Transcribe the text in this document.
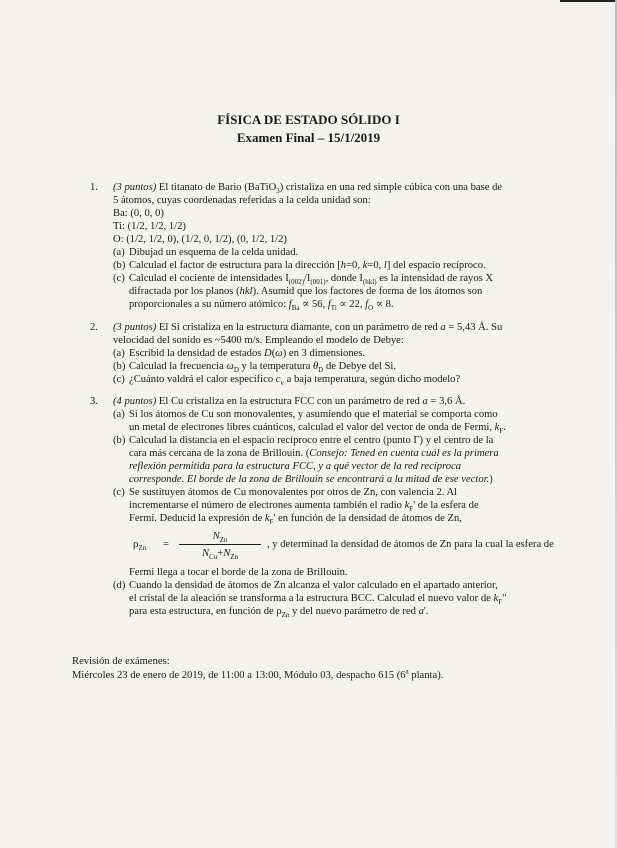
FÍSICA DE ESTADO SÓLIDO I
Examen Final – 15/1/2019
1.	(3 puntos) El titanato de Bario (BaTiO$_3$) cristaliza en una red simple cúbica con una base de
5 átomos, cuyas coordenadas referidas a la celda unidad son:
Ba: (0, 0, 0)
Ti: (1/2, 1/2, 1/2)
O: (1/2, 1/2, 0), (1/2, 0, 1/2), (0, 1/2, 1/2)
(a) Dibujad un esquema de la celda unidad.
(b) Calculad el factor de estructura para la dirección [h=0, k=0, l] del espacio recíproco.
(c) Calculad el cociente de intensidades $I_{(002)}/I_{(001)}$, donde $I_{(hkl)}$ es la intensidad de rayos X
difractada por los planos (hkl). Asumid que los factores de forma de los átomos son
proporcionales a su número atómico: $f_{Ba} \propto 56$, $f_{Ti} \propto 22$, $f_O \propto 8$.
2.	(3 puntos) El Si cristaliza en la estructura diamante, con un parámetro de red a = 5,43 Å. Su
velocidad del sonido es ~5400 m/s. Empleando el modelo de Debye:
(a) Escribid la densidad de estados D(ω) en 3 dimensiones.
(b) Calculad la frecuencia $\omega_D$ y la temperatura $\theta_D$ de Debye del Si.
(c) ¿Cuánto valdrá el calor específico $c_v$ a baja temperatura, según dicho modelo?
3.	(4 puntos) El Cu cristaliza en la estructura FCC con un parámetro de red a = 3,6 Å.
(a) Si los átomos de Cu son monovalentes, y asumiendo que el material se comporta como
un metal de electrones libres cuánticos, calculad el valor del vector de onda de Fermi, $k_F$.
(b) Calculad la distancia en el espacio recíproco entre el centro (punto Γ) y el centro de la
cara más cercana de la zona de Brillouin. (Consejo: Tened en cuenta cuál es la primera
reflexión permitida para la estructura FCC, y a qué vector de la red recíproca
corresponde. El borde de la zona de Brillouin se encontrará a la mitad de ese vector.)
(c) Se sustituyen átomos de Cu monovalentes por otros de Zn, con valencia 2. Al
incrementarse el número de electrones aumenta también el radio $k_F'$ de la esfera de
Fermi. Deducid la expresión de $k_F'$ en función de la densidad de átomos de Zn,
$\rho_{Zn}$ =
$N_{Zn}$
$N_{Cu}+N_{Zn}$
, y determinad la densidad de átomos de Zn para la cual la esfera de
Fermi llega a tocar el borde de la zona de Brillouin.
(d) Cuando la densidad de átomos de Zn alcanza el valor calculado en el apartado anterior,
el cristal de la aleación se transforma a la estructura BCC. Calculad el nuevo valor de $k_F$"
para esta estructura, en función de $\rho_{Zn}$ y del nuevo parámetro de red a'.
Revisión de exámenes:
Miércoles 23 de enero de 2019, de 11:00 a 13:00, Módulo 03, despacho 615 (6$^a$ planta).
